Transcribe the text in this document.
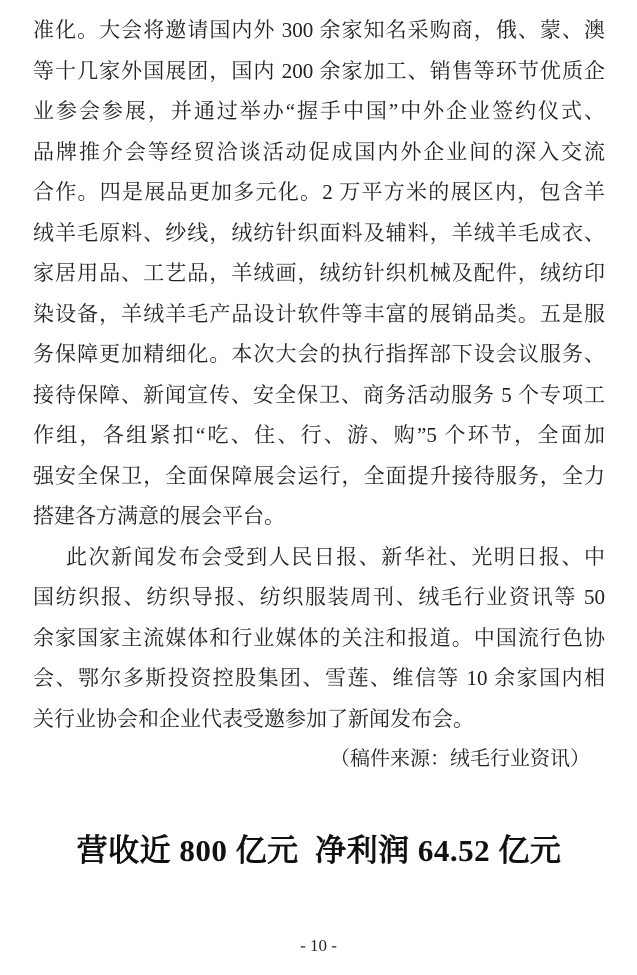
准化。大会将邀请国内外 300 余家知名采购商，俄、蒙、澳

等十几家外国展团，国内 200 余家加工、销售等环节优质企

业参会参展，并通过举办“握手中国”中外企业签约仪式、

品牌推介会等经贸洽谈活动促成国内外企业间的深入交流

合作。四是展品更加多元化。2 万平方米的展区内，包含羊

绒羊毛原料、纱线，绒纺针织面料及辅料，羊绒羊毛成衣、

家居用品、工艺品，羊绒画，绒纺针织机械及配件，绒纺印

染设备，羊绒羊毛产品设计软件等丰富的展销品类。五是服

务保障更加精细化。本次大会的执行指挥部下设会议服务、

接待保障、新闻宣传、安全保卫、商务活动服务 5 个专项工

作组，各组紧扣“吃、住、行、游、购”5 个环节，全面加

强安全保卫，全面保障展会运行，全面提升接待服务，全力

搭建各方满意的展会平台。

此次新闻发布会受到人民日报、新华社、光明日报、中

国纺织报、纺织导报、纺织服装周刊、绒毛行业资讯等 50

余家国家主流媒体和行业媒体的关注和报道。中国流行色协

会、鄂尔多斯投资控股集团、雪莲、维信等 10 余家国内相

关行业协会和企业代表受邀参加了新闻发布会。

（稿件来源：绒毛行业资讯）

营收近 800 亿元  净利润 64.52 亿元
- 10 -
